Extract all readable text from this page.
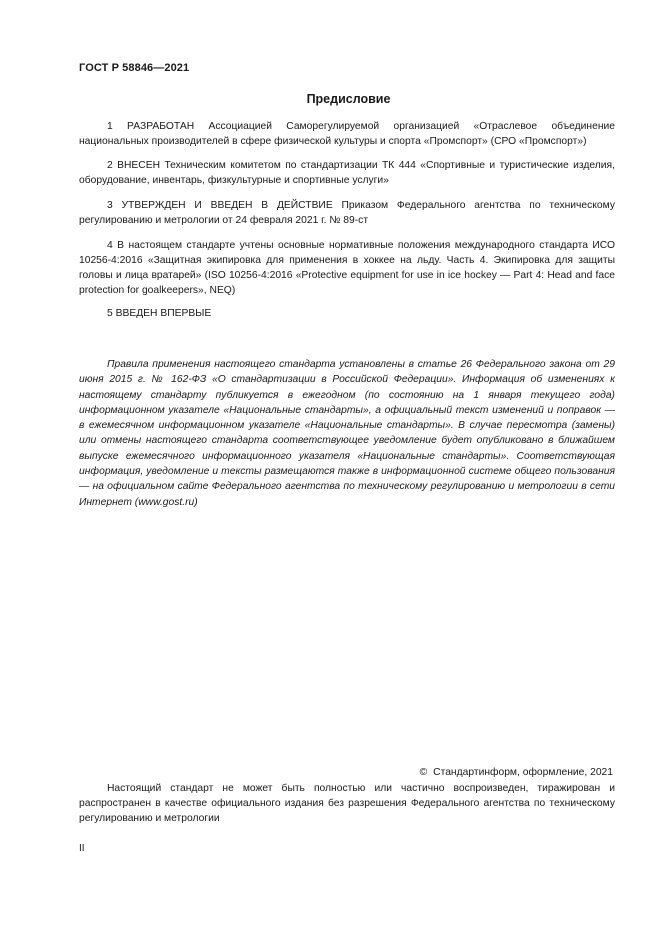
ГОСТ Р 58846—2021
Предисловие

1 РАЗРАБОТАН Ассоциацией Саморегулируемой организацией «Отраслевое объединение национальных производителей в сфере физической культуры и спорта «Промспорт» (СРО «Промспорт»)

2 ВНЕСЕН Техническим комитетом по стандартизации ТК 444 «Спортивные и туристические изделия, оборудование, инвентарь, физкультурные и спортивные услуги»

3 УТВЕРЖДЕН И ВВЕДЕН В ДЕЙСТВИЕ Приказом Федерального агентства по техническому регулированию и метрологии от 24 февраля 2021 г. № 89-ст

4 В настоящем стандарте учтены основные нормативные положения международного стандарта ИСО 10256-4:2016 «Защитная экипировка для применения в хоккее на льду. Часть 4. Экипировка для защиты головы и лица вратарей» (ISO 10256-4:2016 «Protective equipment for use in ice hockey — Part 4: Head and face protection for goalkeepers», NEQ)

5 ВВЕДЕН ВПЕРВЫЕ

Правила применения настоящего стандарта установлены в статье 26 Федерального закона от 29 июня 2015 г. № 162-ФЗ «О стандартизации в Российской Федерации». Информация об изменениях к настоящему стандарту публикуется в ежегодном (по состоянию на 1 января текущего года) информационном указателе «Национальные стандарты», а официальный текст изменений и поправок — в ежемесячном информационном указателе «Национальные стандарты». В случае пересмотра (замены) или отмены настоящего стандарта соответствующее уведомление будет опубликовано в ближайшем выпуске ежемесячного информационного указателя «Национальные стандарты». Соответствующая информация, уведомление и тексты размещаются также в информационной системе общего пользования — на официальном сайте Федерального агентства по техническому регулированию и метрологии в сети Интернет (www.gost.ru)

© Стандартинформ, оформление, 2021

Настоящий стандарт не может быть полностью или частично воспроизведен, тиражирован и распространен в качестве официального издания без разрешения Федерального агентства по техническому регулированию и метрологии

II
